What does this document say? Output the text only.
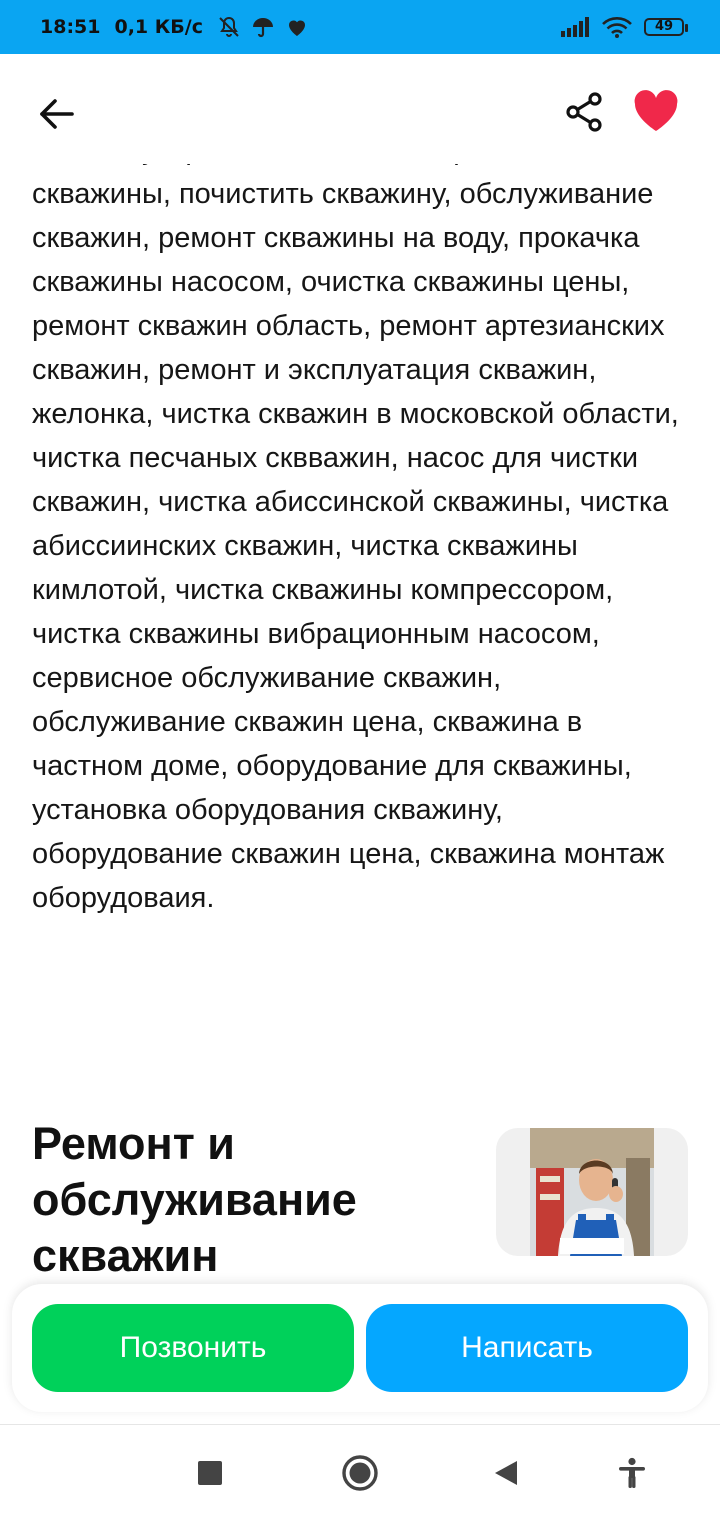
18:51 0,1 КБ/с	49

скважины, почистить скважину, обслуживание скважин, ремонт скважины на воду, прокачка скважины насосом, очистка скважины цены, ремонт скважин область, ремонт артезианских скважин, ремонт и эксплуатация скважин, желонка, чистка скважин в московской области, чистка песчаных сквважин, насос для чистки скважин, чистка абиссинской скважины, чистка абиссиинских скважин, чистка скважины кимлотой, чистка скважины компрессором, чистка скважины вибрационным насосом, сервисное обслуживание скважин, обслуживание скважин цена, скважина в частном доме, оборудование для скважины, установка оборудования скважину, оборудование скважин цена, скважина монтаж оборудоваия.

Ремонт и обслуживание скважин
Позвонить	Написать
